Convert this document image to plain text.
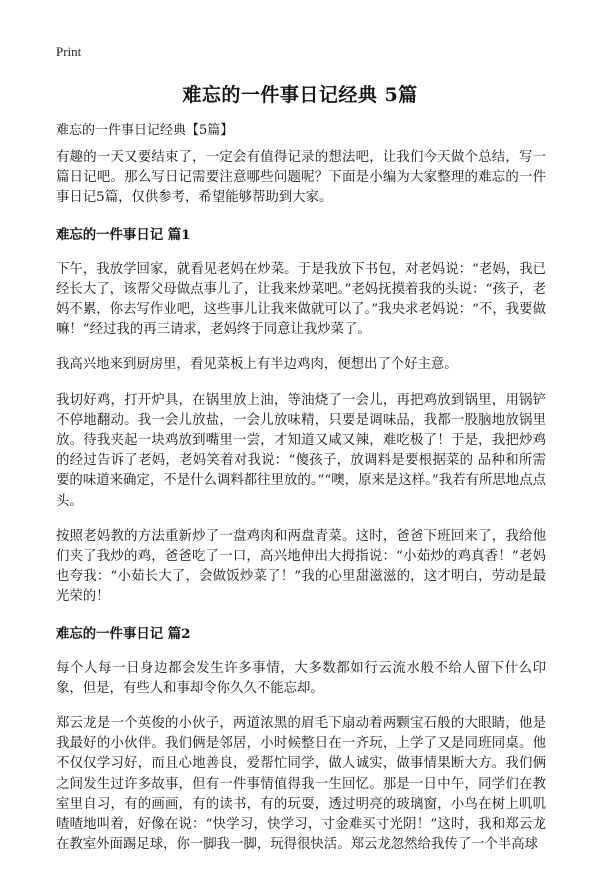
Print
难忘的一件事日记经典 5篇

难忘的一件事日记经典【5篇】

有趣的一天又要结束了，一定会有值得记录的想法吧，让我们今天做个总结，写一篇日记吧。那么写日记需要注意哪些问题呢？下面是小编为大家整理的难忘的一件事日记5篇，仅供参考，希望能够帮助到大家。

难忘的一件事日记 篇1

下午，我放学回家，就看见老妈在炒菜。于是我放下书包，对老妈说：“老妈，我已经长大了，该帮父母做点事儿了，让我来炒菜吧。”老妈抚摸着我的头说：“孩子，老妈不累，你去写作业吧，这些事儿让我来做就可以了。”我央求老妈说：“不，我要做嘛！”经过我的再三请求，老妈终于同意让我炒菜了。

我高兴地来到厨房里，看见菜板上有半边鸡肉，便想出了个好主意。

我切好鸡，打开炉具，在锅里放上油，等油烧了一会儿，再把鸡放到锅里，用锅铲不停地翻动。我一会儿放盐，一会儿放味精，只要是调味品，我都一股脑地放锅里放。待我夹起一块鸡放到嘴里一尝，才知道又咸又辣，难吃极了！于是，我把炒鸡的经过告诉了老妈，老妈笑着对我说：“傻孩子，放调料是要根据菜的 品种和所需要的味道来确定，不是什么调料都往里放的。”“噢，原来是这样。”我若有所思地点点头。

按照老妈教的方法重新炒了一盘鸡肉和两盘青菜。这时，爸爸下班回来了，我给他们夹了我炒的鸡，爸爸吃了一口，高兴地伸出大拇指说：“小茹炒的鸡真香！”老妈也夸我：“小茹长大了，会做饭炒菜了！”我的心里甜滋滋的，这才明白，劳动是最光荣的！

难忘的一件事日记 篇2

每个人每一日身边都会发生许多事情，大多数都如行云流水般不给人留下什么印象，但是，有些人和事却令你久久不能忘却。

郑云龙是一个英俊的小伙子，两道浓黑的眉毛下扇动着两颗宝石般的大眼睛，他是我最好的小伙伴。我们俩是邻居，小时候整日在一齐玩，上学了又是同班同桌。他不仅仅学习好，而且心地善良，爱帮忙同学，做人诚实，做事情果断大方。我们俩之间发生过许多故事，但有一件事情值得我一生回忆。那是一日中午，同学们在教室里自习，有的画画，有的读书，有的玩耍，透过明亮的玻璃窗，小鸟在树上叽叽喳喳地叫着，好像在说：“快学习，快学习，寸金难买寸光阴！”这时，我和郑云龙在教室外面踢足球，你一脚我一脚，玩得很快活。郑云龙忽然给我传了一个半高球
